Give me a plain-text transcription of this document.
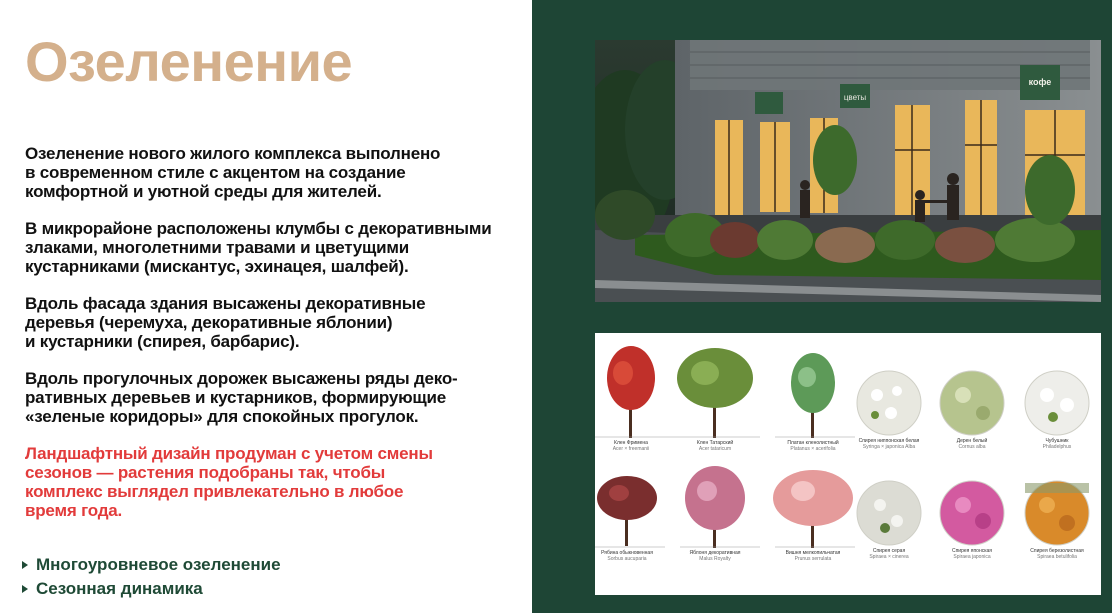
Озеленение

Озеленение нового жилого комплекса выполнено
в современном стиле с акцентом на создание
комфортной и уютной среды для жителей.

В микрорайоне расположены клумбы с декоративными
злаками, многолетними травами и цветущими
кустарниками (мискантус, эхинацея, шалфей).

Вдоль фасада здания высажены декоративные
деревья (черемуха, декоративные яблонии)
и кустарники (спирея, барбарис).

Вдоль прогулочных дорожек высажены ряды деко-
ративных деревьев и кустарников, формирующие
«зеленые коридоры» для спокойных прогулок.

Ландшафтный дизайн продуман с учетом смены
сезонов — растения подобраны так, чтобы
комплекс выглядел привлекательно в любое
время года.

Многоуровневое озеленение
Сезонная динамика
цветы
кофе
Клен Фрименa
Acer × freemanii
Клен Татарский
Acer tataricum
Платан кленолистный
Platanus × acerifolia
Спирея ниппонская белая
Syringa × japonica Alba
Дерен белый
Cornus alba
Чубушник
Philadelphus
Рябина обыкновенная
Sorbus aucuparia
Яблоня декоративная
Malus Royalty
Вишня мелкопильчатая
Prunus serrulata
Спирея серая
Spiraea × cinerea
Спирея японская
Spiraea japonica
Спирея березолистная
Spiraea betulifolia
